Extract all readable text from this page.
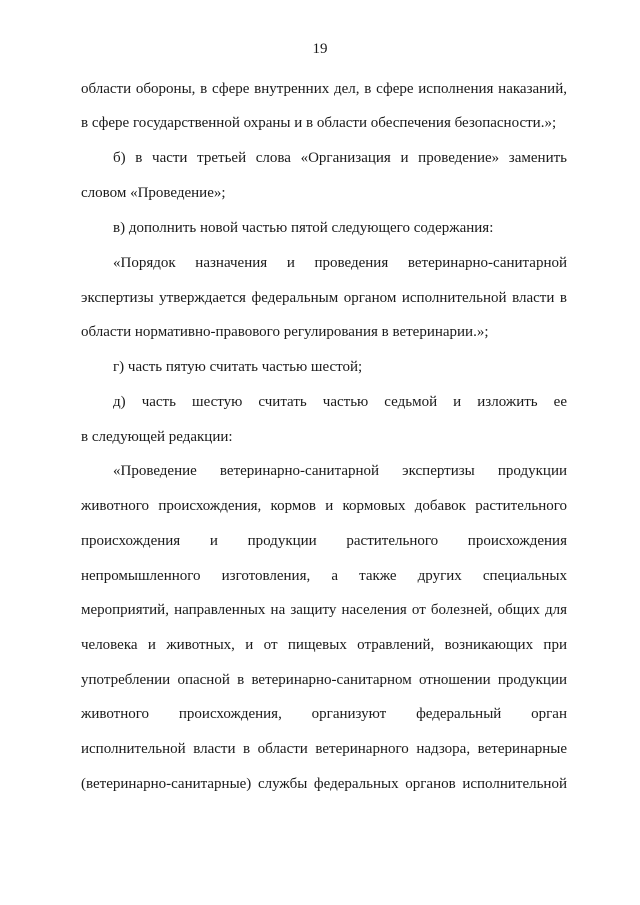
19
области обороны, в сфере внутренних дел, в сфере исполнения наказаний,
в сфере государственной охраны и в области обеспечения безопасности.»;
б) в части третьей слова «Организация и проведение» заменить
словом «Проведение»;
в) дополнить новой частью пятой следующего содержания:
«Порядок назначения и проведения ветеринарно-санитарной
экспертизы утверждается федеральным органом исполнительной власти в
области нормативно-правового регулирования в ветеринарии.»;
г) часть пятую считать частью шестой;
д) часть шестую считать частью седьмой и изложить ее
в следующей редакции:
«Проведение ветеринарно-санитарной экспертизы продукции
животного происхождения, кормов и кормовых добавок растительного
происхождения и продукции растительного происхождения
непромышленного изготовления, а также других специальных
мероприятий, направленных на защиту населения от болезней, общих для
человека и животных, и от пищевых отравлений, возникающих при
употреблении опасной в ветеринарно-санитарном отношении продукции
животного происхождения, организуют федеральный орган
исполнительной власти в области ветеринарного надзора, ветеринарные
(ветеринарно-санитарные) службы федеральных органов исполнительной
